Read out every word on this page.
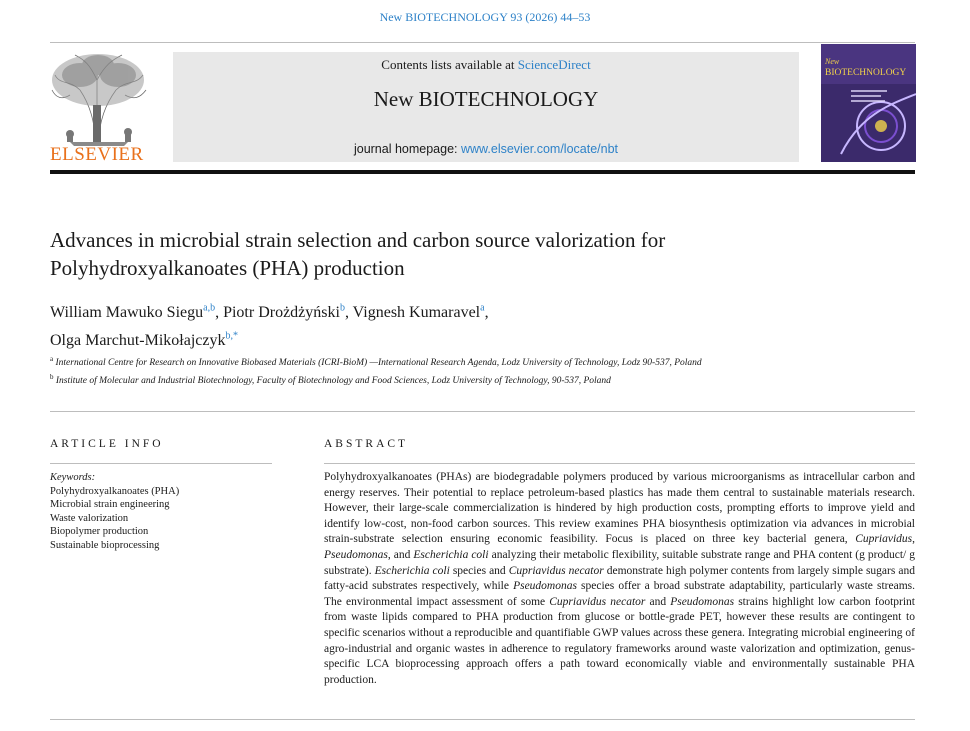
New BIOTECHNOLOGY 93 (2026) 44–53
ELSEVIER
Contents lists available at ScienceDirect
New BIOTECHNOLOGY
journal homepage: www.elsevier.com/locate/nbt
New
BIOTECHNOLOGY
Advances in microbial strain selection and carbon source valorization for Polyhydroxyalkanoates (PHA) production
William Mawuko Siegu$^{a,b}$, Piotr Drożdżyński$^b$, Vignesh Kumaravel$^a$,
Olga Marchut-Mikołajczyk$^{b,*}$
$^a$ International Centre for Research on Innovative Biobased Materials (ICRI-BioM) —International Research Agenda, Lodz University of Technology, Lodz 90-537, Poland
$^b$ Institute of Molecular and Industrial Biotechnology, Faculty of Biotechnology and Food Sciences, Lodz University of Technology, 90-537, Poland
ARTICLE INFO	ABSTRACT
Keywords:
Polyhydroxyalkanoates (PHA)
Microbial strain engineering
Waste valorization
Biopolymer production
Sustainable bioprocessing
Polyhydroxyalkanoates (PHAs) are biodegradable polymers produced by various microorganisms as intracellular carbon and energy reserves. Their potential to replace petroleum-based plastics has made them central to sustainable materials research. However, their large-scale commercialization is hindered by high production costs, prompting efforts to improve yield and identify low-cost, non-food carbon sources. This review examines PHA biosynthesis optimization via advances in microbial strain-substrate selection ensuring economic feasibility. Focus is placed on three key bacterial genera, Cupriavidus, Pseudomonas, and Escherichia coli analyzing their metabolic flexibility, suitable substrate range and PHA content (g product/ g substrate). Escherichia coli species and Cupriavidus necator demonstrate high polymer contents from largely simple sugars and fatty-acid substrates respectively, while Pseudomonas species offer a broad substrate adaptability, particularly waste streams. The environmental impact assessment of some Cupriavidus necator and Pseudomonas strains highlight low carbon footprint from waste lipids compared to PHA production from glucose or bottle-grade PET, however these results are contingent to specific scenarios without a reproducible and quantifiable GWP values across these genera. Integrating microbial engineering of agro-industrial and organic wastes in adherence to regulatory frameworks around waste valorization and optimization, genus-specific LCA bioprocessing approach offers a path toward economically viable and environmentally sustainable PHA production.
